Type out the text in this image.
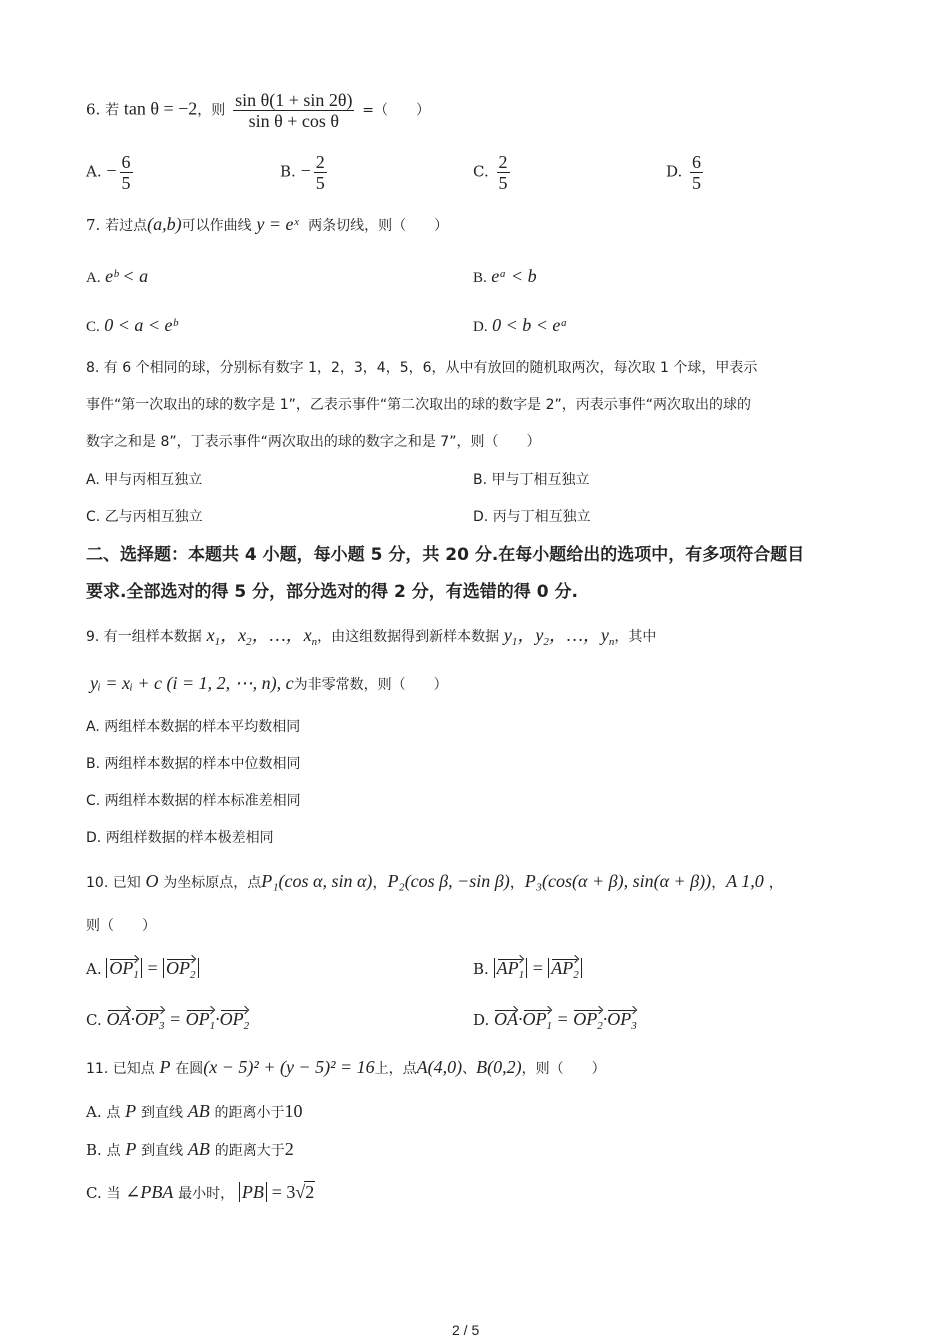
6. 若 tan θ = −2，则 $\frac{\text{sin θ(1 + sin 2θ)}}{\text{sin θ + cos θ}}$ =（　　）
A. − $\frac{6}{5}$	B. − $\frac{2}{5}$	C. $\frac{2}{5}$	D. $\frac{6}{5}$
7. 若过点(a,b)可以作曲线 y = eˣ 两条切线，则（　　）
A. eᵇ < a	B. eᵃ < b
C. 0 < a < eᵇ	D. 0 < b < eᵃ
8. 有 6 个相同的球，分别标有数字 1，2，3，4，5，6，从中有放回的随机取两次，每次取 1 个球，甲表示
事件“第一次取出的球的数字是 1”，乙表示事件“第二次取出的球的数字是 2”，丙表示事件“两次取出的球的
数字之和是 8”，丁表示事件“两次取出的球的数字之和是 7”，则（　　）
A. 甲与丙相互独立	B. 甲与丁相互独立
C. 乙与丙相互独立	D. 丙与丁相互独立
二、选择题：本题共 4 小题，每小题 5 分，共 20 分.在每小题给出的选项中，有多项符合题目
要求.全部选对的得 5 分，部分选对的得 2 分，有选错的得 0 分.
9. 有一组样本数据 $x_1$，$x_2$，…，$x_n$，由这组数据得到新样本数据 $y_1$，$y_2$，…，$y_n$，其中
yᵢ = xᵢ + c (i = 1, 2, ⋯, n), c为非零常数，则（　　）
A. 两组样本数据的样本平均数相同
B. 两组样本数据的样本中位数相同
C. 两组样本数据的样本标准差相同
D. 两组样数据的样本极差相同
10. 已知 O 为坐标原点，点P₁(cos α, sin α)，P₂(cos β, −sin β)，P₃(cos(α + β), sin(α + β))，A 1,0 ，
则（　　）
A. $OP_1 = OP_2$	B. $AP_1 = AP_2$
C. $OA\cdot OP_3 = OP_1\cdot OP_2$	D. $OA\cdot OP_1 = OP_2\cdot OP_3$
11. 已知点 P 在圆(x − 5)² + (y − 5)² = 16上，点A(4,0)、B(0,2)，则（　　）
A. 点 P 到直线 AB 的距离小于10
B. 点 P 到直线 AB 的距离大于2
C. 当 ∠PBA 最小时， PB = 3√2
2 / 5
